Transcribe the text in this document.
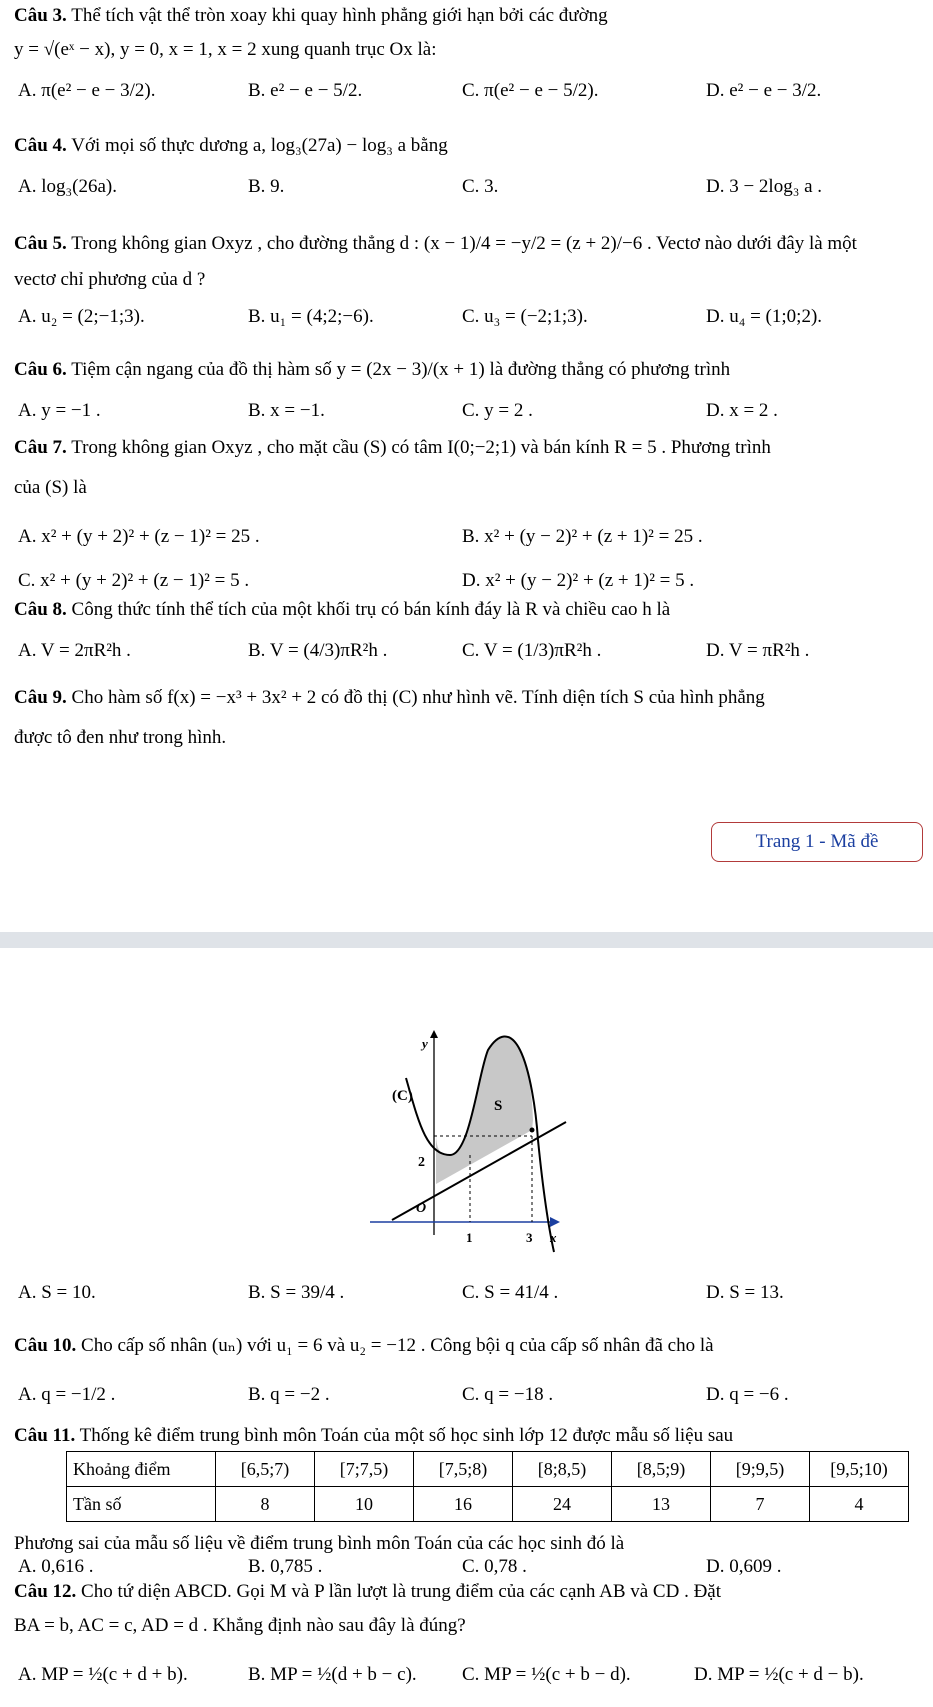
Câu 3. Thể tích vật thể tròn xoay khi quay hình phẳng giới hạn bởi các đường
y = √(eˣ − x), y = 0, x = 1, x = 2 xung quanh trục Ox là:
A. π(e² − e − 3/2).	B. e² − e − 5/2.	C. π(e² − e − 5/2).	D. e² − e − 3/2.
Câu 4. Với mọi số thực dương a, log₃(27a) − log₃ a bằng
A. log₃(26a).	B. 9.	C. 3.	D. 3 − 2log₃ a .
Câu 5. Trong không gian Oxyz , cho đường thẳng d : (x − 1)/4 = −y/2 = (z + 2)/−6 . Vectơ nào dưới đây là một
vectơ chỉ phương của d ?
A. u₂ = (2;−1;3).	B. u₁ = (4;2;−6).	C. u₃ = (−2;1;3).	D. u₄ = (1;0;2).
Câu 6. Tiệm cận ngang của đồ thị hàm số y = (2x − 3)/(x + 1) là đường thẳng có phương trình
A. y = −1 .	B. x = −1.	C. y = 2 .	D. x = 2 .
Câu 7. Trong không gian Oxyz , cho mặt cầu (S) có tâm I(0;−2;1) và bán kính R = 5 . Phương trình
của (S) là
A. x² + (y + 2)² + (z − 1)² = 25 .	B. x² + (y − 2)² + (z + 1)² = 25 .
C. x² + (y + 2)² + (z − 1)² = 5 .	D. x² + (y − 2)² + (z + 1)² = 5 .
Câu 8. Công thức tính thể tích của một khối trụ có bán kính đáy là R và chiều cao h là
A. V = 2πR²h .	B. V = (4/3)πR²h .	C. V = (1/3)πR²h .	D. V = πR²h .
Câu 9. Cho hàm số f(x) = −x³ + 3x² + 2 có đồ thị (C) như hình vẽ. Tính diện tích S của hình phẳng
được tô đen như trong hình.
Trang 1 - Mã đề
y
(C)
S
2
O
1	3 x
A. S = 10.	B. S = 39/4 .	C. S = 41/4 .	D. S = 13.
Câu 10. Cho cấp số nhân (uₙ) với u₁ = 6 và u₂ = −12 . Công bội q của cấp số nhân đã cho là
A. q = −1/2 .	B. q = −2 .	C. q = −18 .	D. q = −6 .
Câu 11. Thống kê điểm trung bình môn Toán của một số học sinh lớp 12 được mẫu số liệu sau
Khoảng điểm	[6,5;7)	[7;7,5)	[7,5;8)	[8;8,5)	[8,5;9)	[9;9,5)	[9,5;10)
Tần số	8	10	16	24	13	7	4
Phương sai của mẫu số liệu về điểm trung bình môn Toán của các học sinh đó là
A. 0,616 .	B. 0,785 .	C. 0,78 .	D. 0,609 .
Câu 12. Cho tứ diện ABCD. Gọi M và P lần lượt là trung điểm của các cạnh AB và CD . Đặt
BA = b, AC = c, AD = d . Khẳng định nào sau đây là đúng?
A. MP = ½(c + d + b).	B. MP = ½(d + b − c). C. MP = ½(c + b − d).	D. MP = ½(c + d − b).
